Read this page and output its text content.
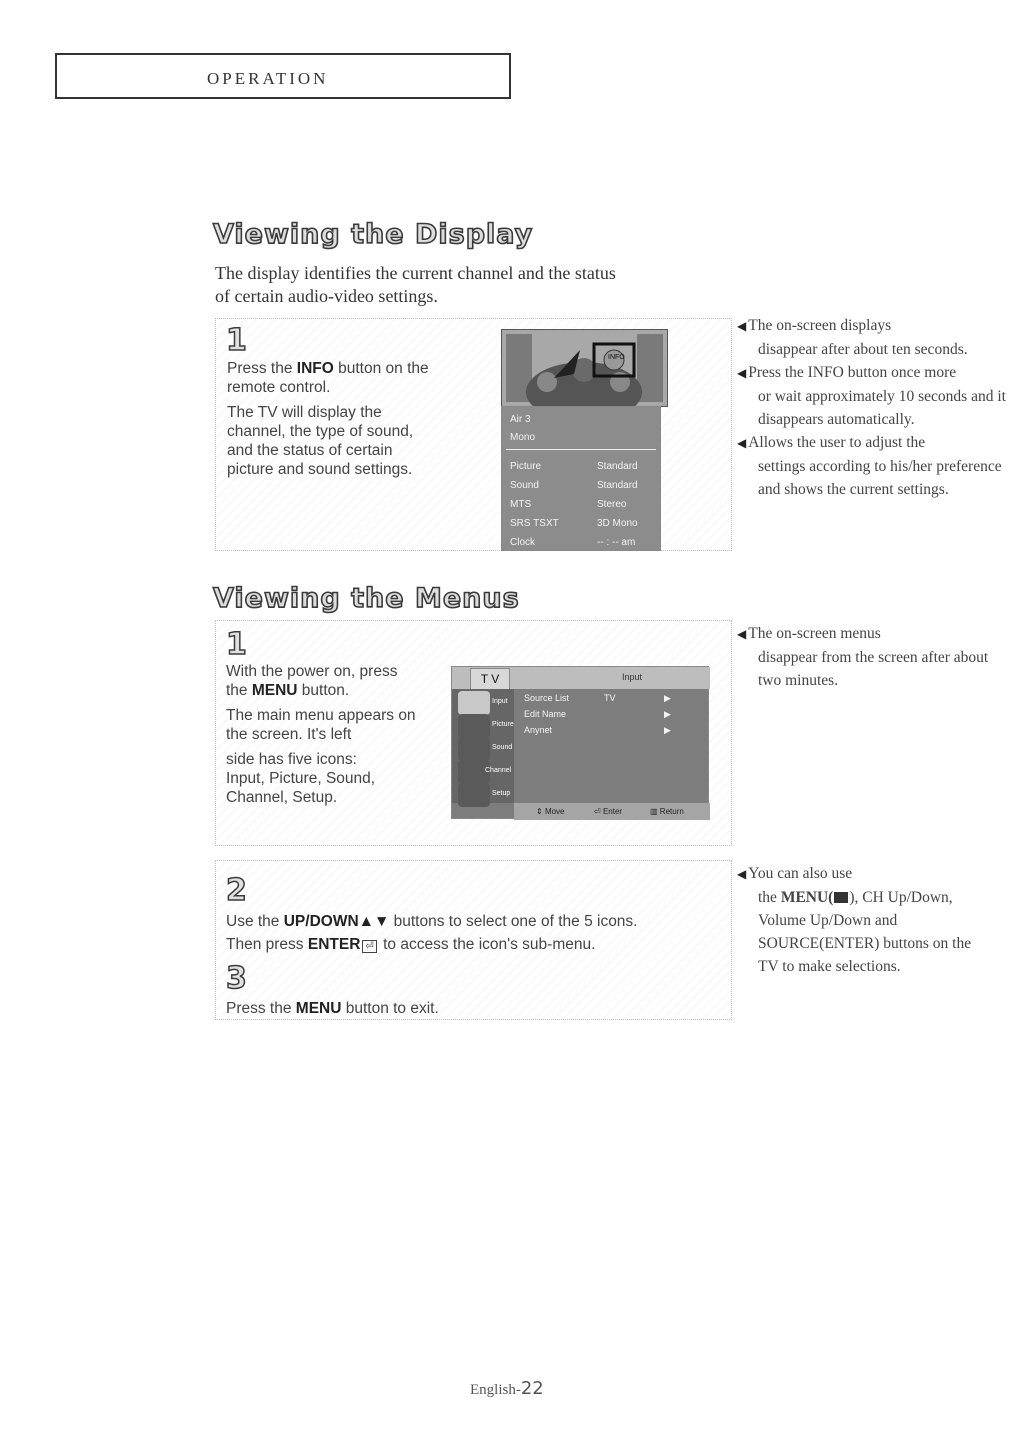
OPERATION
Viewing the Display
The display identifies the current channel and the status
of certain audio-video settings.
1
Press the INFO button on the
remote control.
The TV will display the
channel, the type of sound,
and the status of certain
picture and sound settings.
INFO
Air 3
Mono
Picture	Standard
Sound	Standard
MTS	Stereo
SRS TSXT	3D Mono
Clock	-- : -- am
◀ The on-screen displays
disappear after about ten seconds.
◀ Press the INFO button once more
or wait approximately 10 seconds and it disappears automatically.
◀ Allows the user to adjust the
settings according to his/her preference and shows the current settings.
Viewing the Menus
1
With the power on, press
the MENU button.
The main menu appears on
the screen. It's left
side has five icons:
Input, Picture, Sound,
Channel, Setup.
T V	Input
Input
Picture
Sound
Channel
Setup
Source List	TV	▶
Edit Name	▶
Anynet	▶
⇕ Move	⏎ Enter	▥ Return
◀ The on-screen menus
disappear from the screen after about two minutes.
2
Use the UP/DOWN▲▼ buttons to select one of the 5 icons.
Then press ENTER ⏎ to access the icon's sub-menu.
3
Press the MENU button to exit.
◀ You can also use
the MENU( ), CH Up/Down,
Volume Up/Down and
SOURCE(ENTER) buttons on the
TV to make selections.
English-22
